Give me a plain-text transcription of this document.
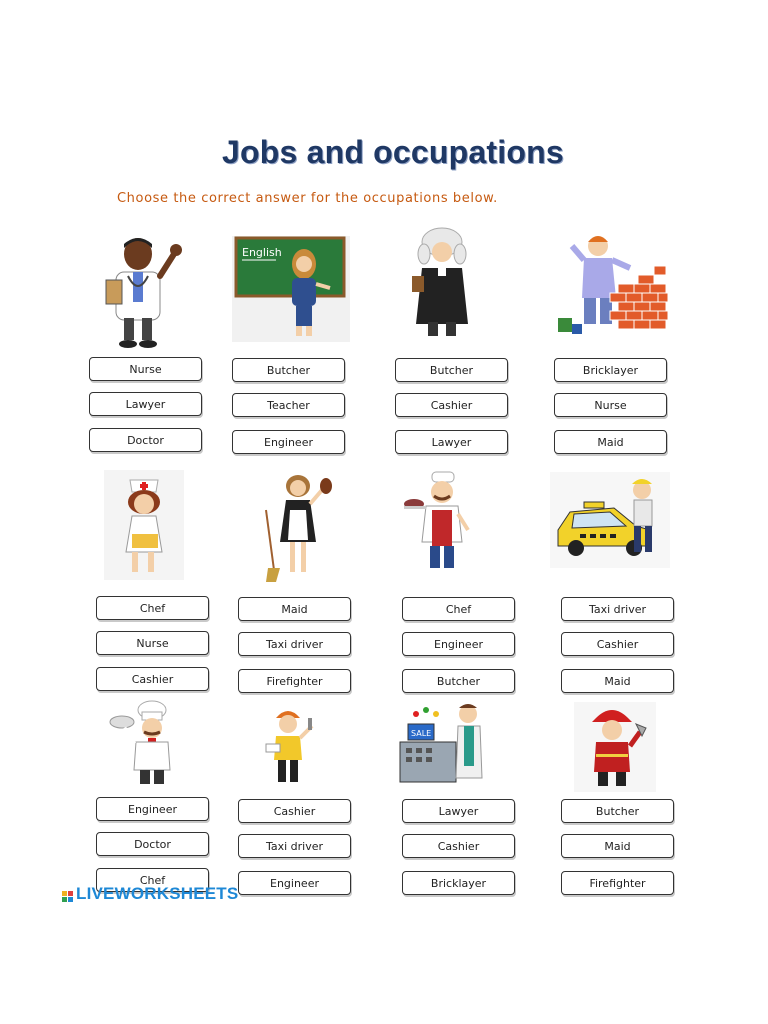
Jobs and occupations
Choose the correct answer for the occupations below.
English
Nurse
Lawyer
Doctor
Butcher
Teacher
Engineer
Butcher
Cashier
Lawyer
Bricklayer
Nurse
Maid
Chef
Nurse
Cashier
Maid
Taxi driver
Firefighter
Chef
Engineer
Butcher
Taxi driver
Cashier
Maid
SALE
Engineer
Doctor
Chef
Cashier
Taxi driver
Engineer
Lawyer
Cashier
Bricklayer
Butcher
Maid
Firefighter
LIVEWORKSHEETS
